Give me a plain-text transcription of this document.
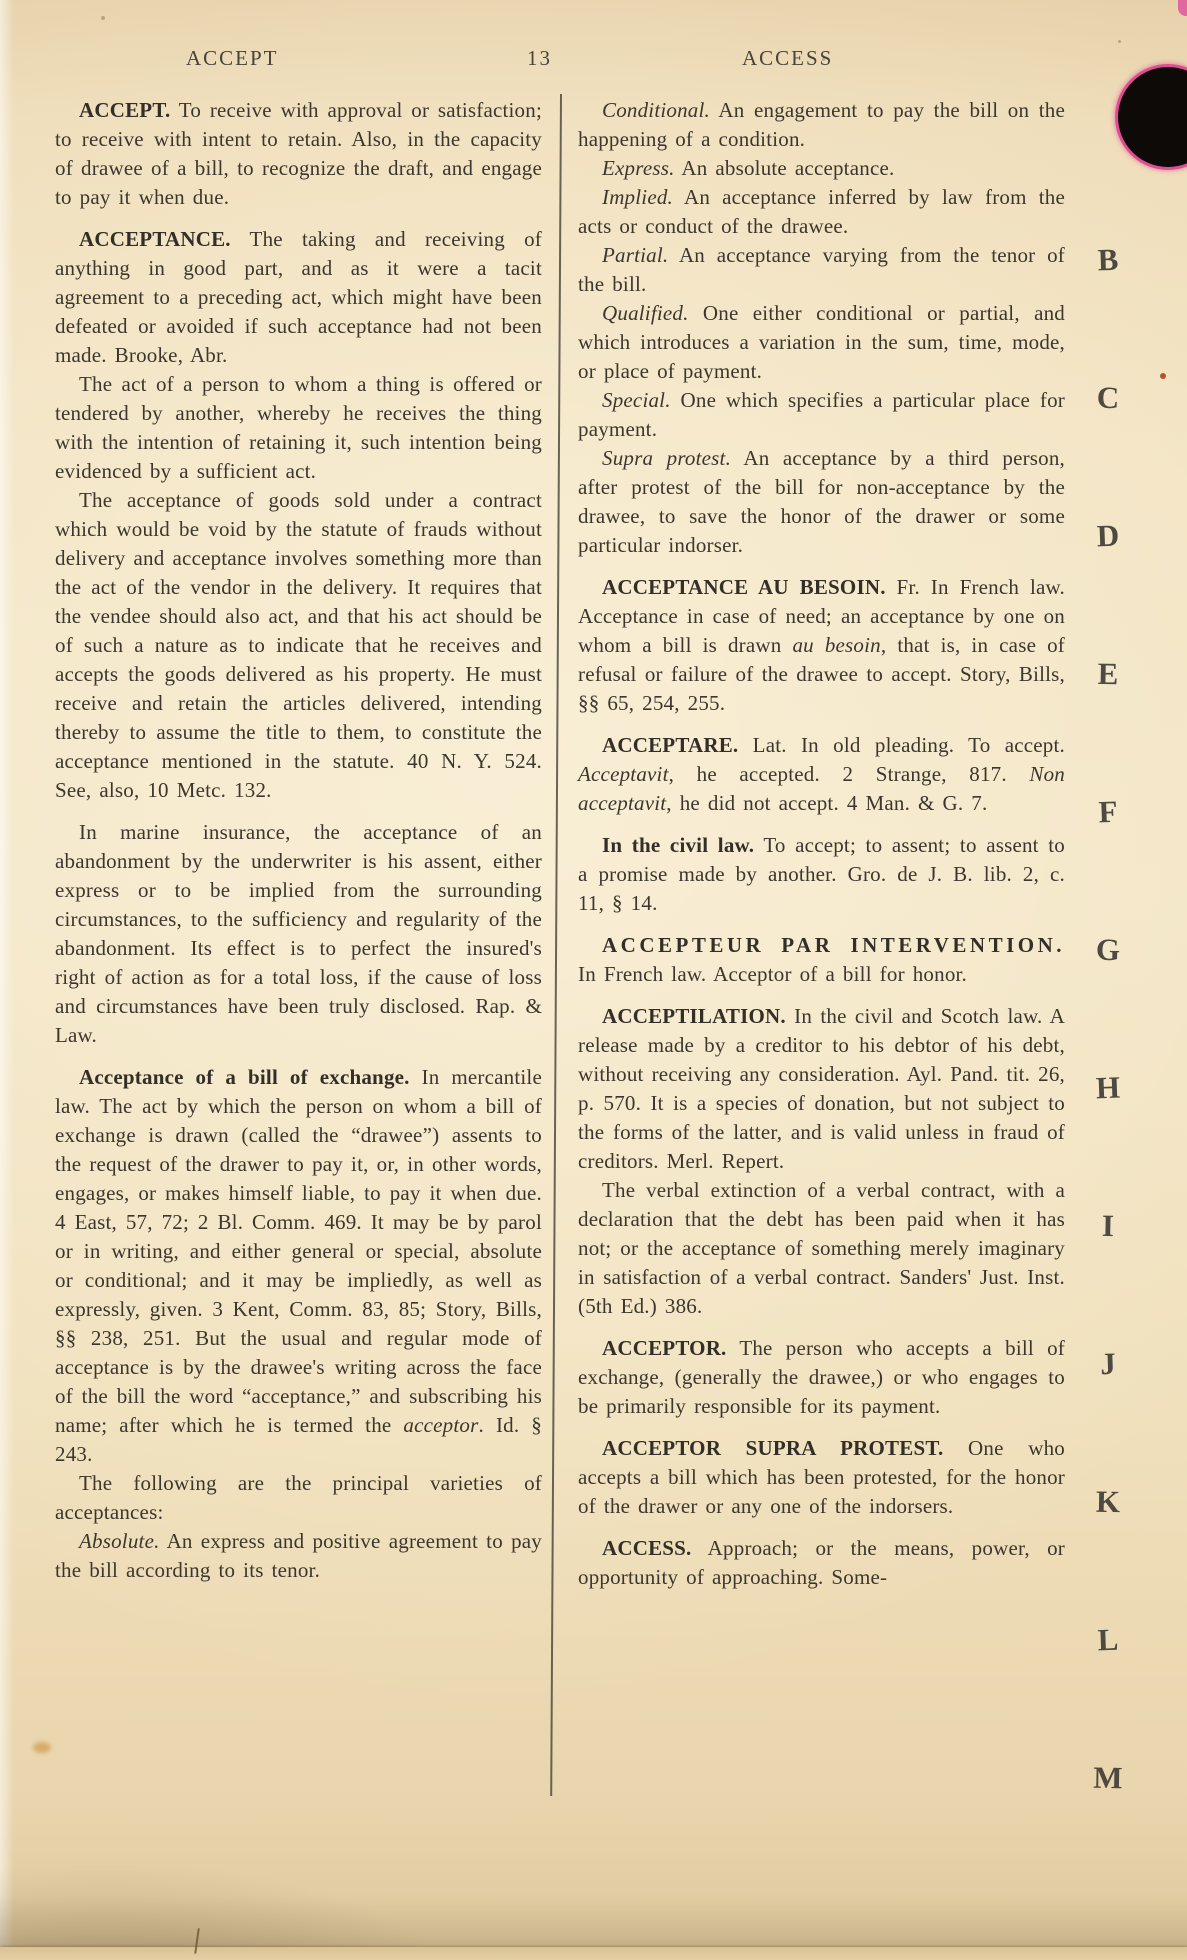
ACCEPT	13	ACCESS

ACCEPT. To receive with approval or satisfaction; to receive with intent to retain. Also, in the capacity of drawee of a bill, to recognize the draft, and engage to pay it when due.

ACCEPTANCE. The taking and receiving of anything in good part, and as it were a tacit agreement to a preceding act, which might have been defeated or avoided if such acceptance had not been made. Brooke, Abr.

The act of a person to whom a thing is offered or tendered by another, whereby he receives the thing with the intention of retaining it, such intention being evidenced by a sufficient act.

The acceptance of goods sold under a contract which would be void by the statute of frauds without delivery and acceptance involves something more than the act of the vendor in the delivery. It requires that the vendee should also act, and that his act should be of such a nature as to indicate that he receives and accepts the goods delivered as his property. He must receive and retain the articles delivered, intending thereby to assume the title to them, to constitute the acceptance mentioned in the statute. 40 N. Y. 524. See, also, 10 Metc. 132.

In marine insurance, the acceptance of an abandonment by the underwriter is his assent, either express or to be implied from the surrounding circumstances, to the sufficiency and regularity of the abandonment. Its effect is to perfect the insured's right of action as for a total loss, if the cause of loss and circumstances have been truly disclosed. Rap. & Law.

Acceptance of a bill of exchange. In mercantile law. The act by which the person on whom a bill of exchange is drawn (called the “drawee”) assents to the request of the drawer to pay it, or, in other words, engages, or makes himself liable, to pay it when due. 4 East, 57, 72; 2 Bl. Comm. 469. It may be by parol or in writing, and either general or special, absolute or conditional; and it may be impliedly, as well as expressly, given. 3 Kent, Comm. 83, 85; Story, Bills, §§ 238, 251. But the usual and regular mode of acceptance is by the drawee's writing across the face of the bill the word “acceptance,” and subscribing his name; after which he is termed the acceptor. Id. § 243.

The following are the principal varieties of acceptances:

Absolute. An express and positive agreement to pay the bill according to its tenor.

Conditional. An engagement to pay the bill on the happening of a condition.

Express. An absolute acceptance.

Implied. An acceptance inferred by law from the acts or conduct of the drawee.

Partial. An acceptance varying from the tenor of the bill.

Qualified. One either conditional or partial, and which introduces a variation in the sum, time, mode, or place of payment.

Special. One which specifies a particular place for payment.

Supra protest. An acceptance by a third person, after protest of the bill for non-acceptance by the drawee, to save the honor of the drawer or some particular indorser.

ACCEPTANCE AU BESOIN. Fr. In French law. Acceptance in case of need; an acceptance by one on whom a bill is drawn au besoin, that is, in case of refusal or failure of the drawee to accept. Story, Bills, §§ 65, 254, 255.

ACCEPTARE. Lat. In old pleading. To accept. Acceptavit, he accepted. 2 Strange, 817. Non acceptavit, he did not accept. 4 Man. & G. 7.

In the civil law. To accept; to assent; to assent to a promise made by another. Gro. de J. B. lib. 2, c. 11, § 14.

ACCEPTEUR PAR INTERVENTION. In French law. Acceptor of a bill for honor.

ACCEPTILATION. In the civil and Scotch law. A release made by a creditor to his debtor of his debt, without receiving any consideration. Ayl. Pand. tit. 26, p. 570. It is a species of donation, but not subject to the forms of the latter, and is valid unless in fraud of creditors. Merl. Repert.

The verbal extinction of a verbal contract, with a declaration that the debt has been paid when it has not; or the acceptance of something merely imaginary in satisfaction of a verbal contract. Sanders' Just. Inst. (5th Ed.) 386.

ACCEPTOR. The person who accepts a bill of exchange, (generally the drawee,) or who engages to be primarily responsible for its payment.

ACCEPTOR SUPRA PROTEST. One who accepts a bill which has been protested, for the honor of the drawer or any one of the indorsers.

ACCESS. Approach; or the means, power, or opportunity of approaching. Some-

B
C
D
E
F
G
H
I
J
K
L
M
